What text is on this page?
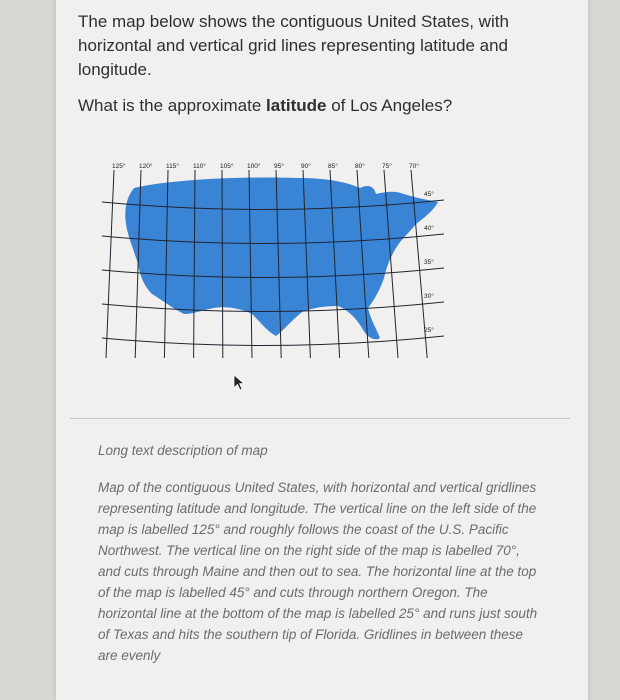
The map below shows the contiguous United States, with horizontal and vertical grid lines representing latitude and longitude.

What is the approximate latitude of Los Angeles?

Long text description of map

Map of the contiguous United States, with horizontal and vertical gridlines representing latitude and longitude. The vertical line on the left side of the map is labelled 125° and roughly follows the coast of the U.S. Pacific Northwest. The vertical line on the right side of the map is labelled 70°, and cuts through Maine and then out to sea. The horizontal line at the top of the map is labelled 45° and cuts through northern Oregon. The horizontal line at the bottom of the map is labelled 25° and runs just south of Texas and hits the southern tip of Florida. Gridlines in between these are evenly

125° 120° 115° 110° 105° 100° 95°	90°	85°	80°	75°	70°
45°
40°
35°
30°
25°
